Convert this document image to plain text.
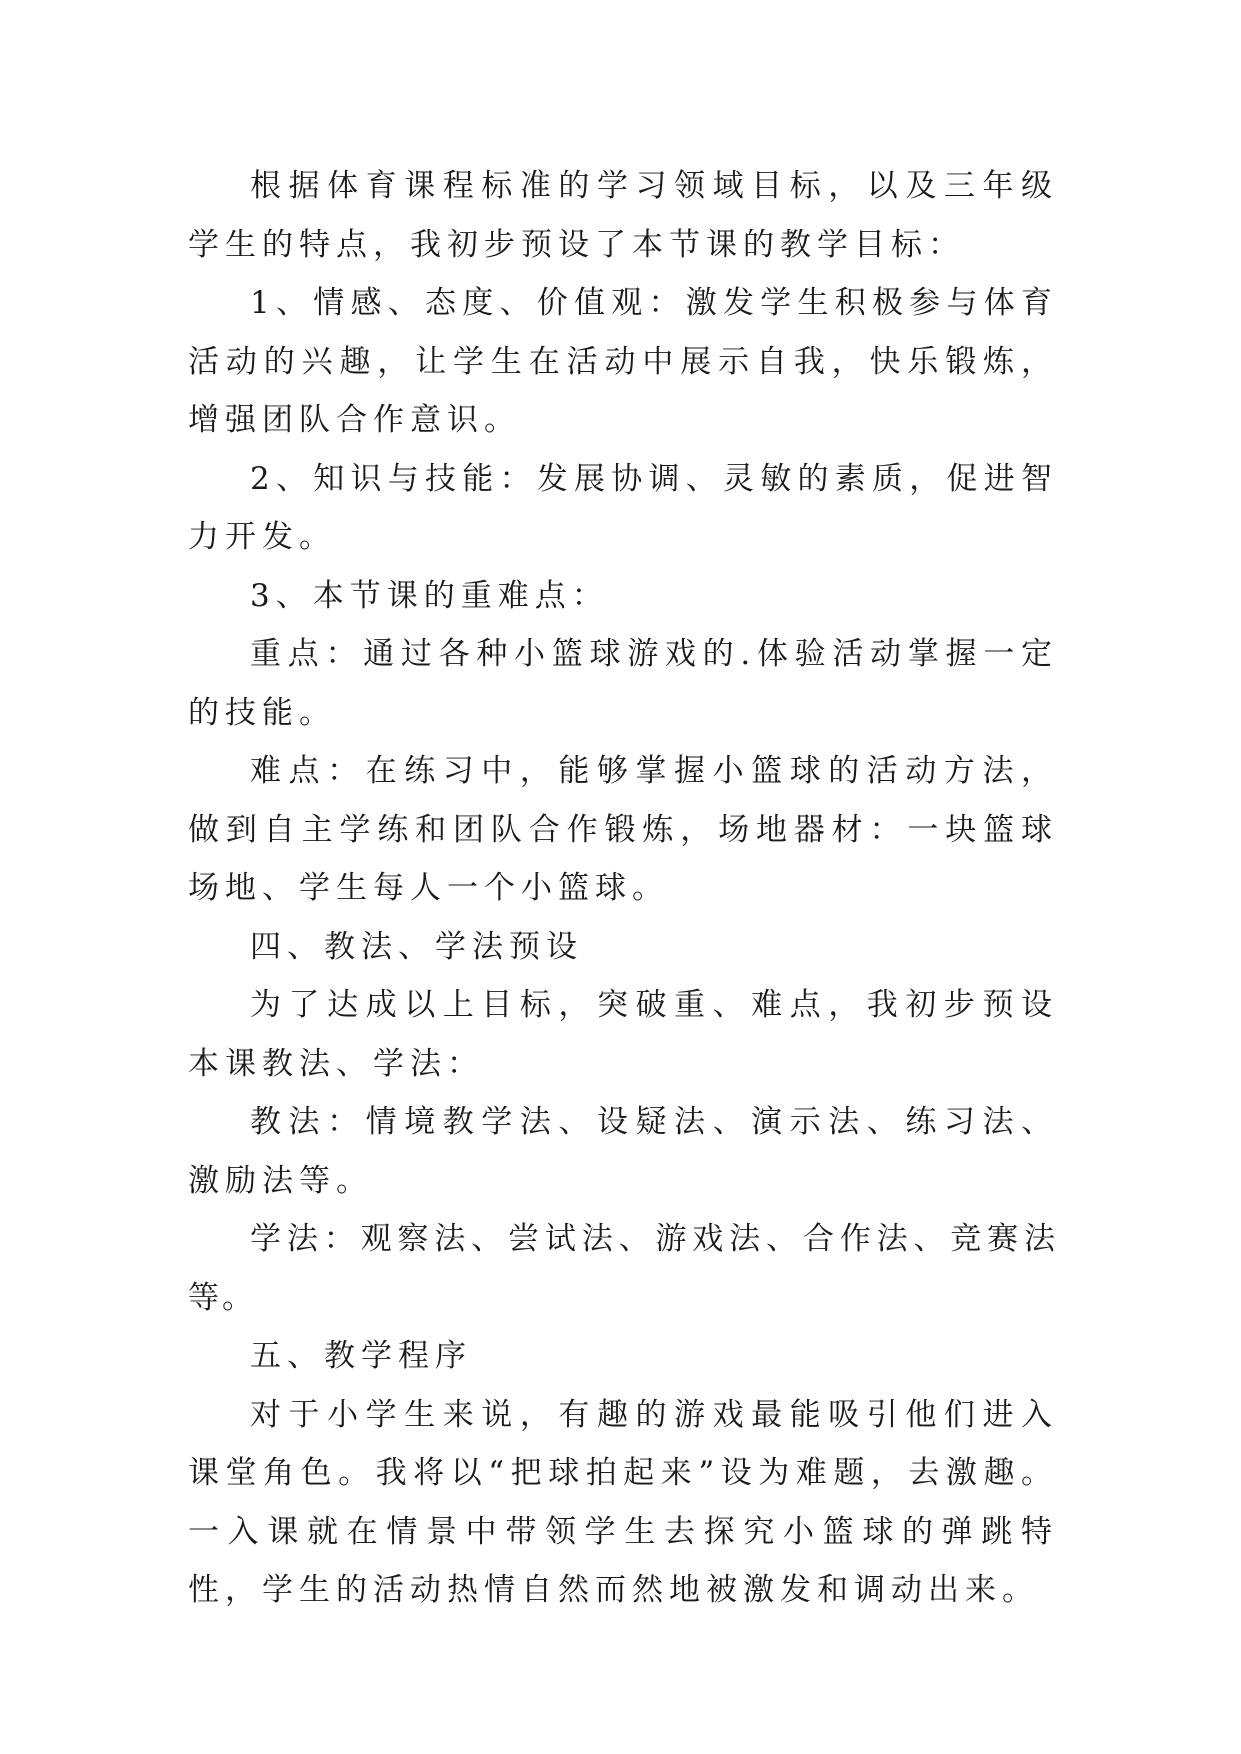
根据体育课程标准的学习领域目标，以及三年级学生的特点，我初步预设了本节课的教学目标：

1、情感、态度、价值观：激发学生积极参与体育活动的兴趣，让学生在活动中展示自我，快乐锻炼，增强团队合作意识。

2、知识与技能：发展协调、灵敏的素质，促进智力开发。

3、本节课的重难点：

重点：通过各种小篮球游戏的.体验活动掌握一定的技能。

难点：在练习中，能够掌握小篮球的活动方法，做到自主学练和团队合作锻炼，场地器材：一块篮球场地、学生每人一个小篮球。

四、教法、学法预设

为了达成以上目标，突破重、难点，我初步预设本课教法、学法：

教法：情境教学法、设疑法、演示法、练习法、激励法等。

学法：观察法、尝试法、游戏法、合作法、竞赛法等。

五、教学程序

对于小学生来说，有趣的游戏最能吸引他们进入课堂角色。我将以“把球拍起来”设为难题，去激趣。一入课就在情景中带领学生去探究小篮球的弹跳特性，学生的活动热情自然而然地被激发和调动出来。
